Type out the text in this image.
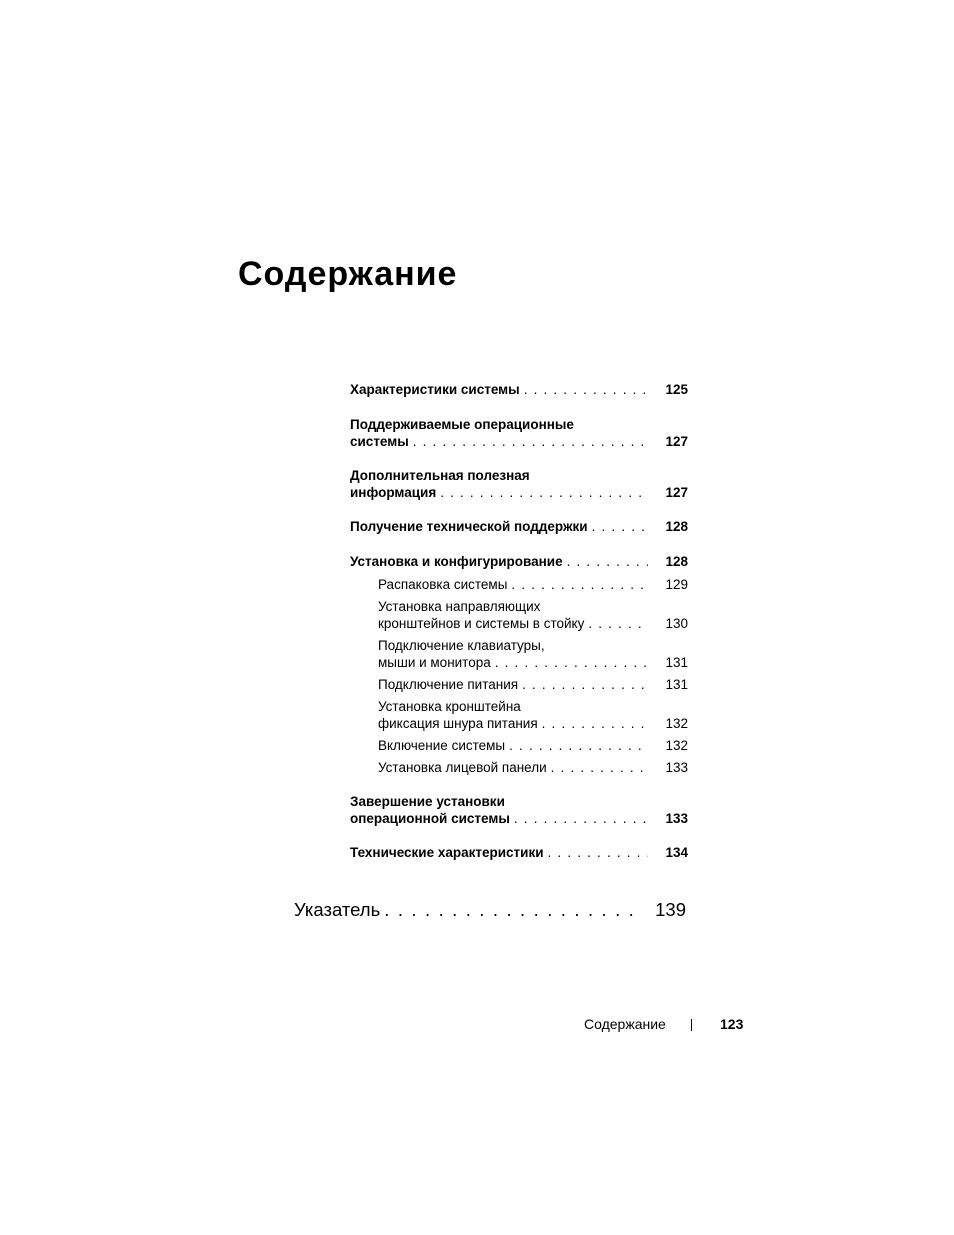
Содержание
Характеристики системы . . .	125
Поддерживаемые операционные
системы . . .	127
Дополнительная полезная
информация . . .	127
Получение технической поддержки . . .	128
Установка и конфигурирование . . .	128
Распаковка системы . . .	129
Установка направляющих
кронштейнов и системы в стойку . . .	130
Подключение клавиатуры,
мыши и монитора . . .	131
Подключение питания . . .	131
Установка кронштейна
фиксация шнура питания . . .	132
Включение системы . . .	132
Установка лицевой панели . . .	133
Завершение установки
операционной системы . . .	133
Технические характеристики . . .	134
Указатель . . .	139
Содержание	123
